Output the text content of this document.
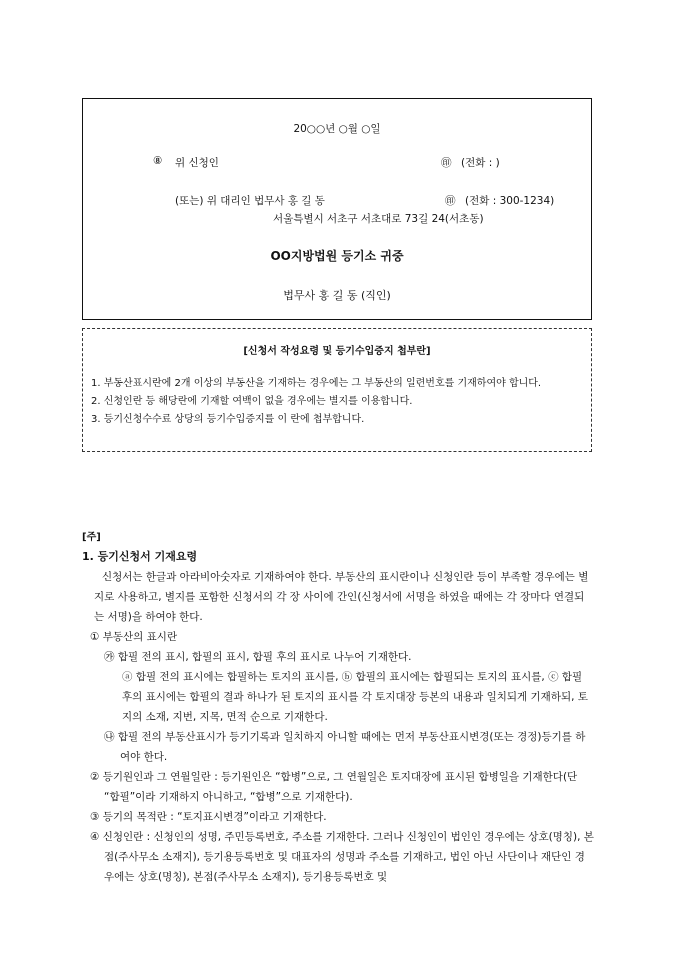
20○○년 ○월 ○일
⑧ 위 신청인	㊞ (전화 : )
(또는) 위 대리인 법무사 홍 길 동	㊞ (전화 : 300-1234)
서울특별시 서초구 서초대로 73길 24(서초동)
OO지방법원 등기소 귀중
법무사 홍 길 동 (직인)
[신청서 작성요령 및 등기수입증지 첩부란]
1. 부동산표시란에 2개 이상의 부동산을 기재하는 경우에는 그 부동산의 일련번호를 기재하여야 합니다.
2. 신청인란 등 해당란에 기재할 여백이 없을 경우에는 별지를 이용합니다.
3. 등기신청수수료 상당의 등기수입증지를 이 란에 첩부합니다.
[주]
1. 등기신청서 기재요령
신청서는 한글과 아라비아숫자로 기재하여야 한다. 부동산의 표시란이나 신청인란 등이 부족할 경우에는 별지로 사용하고, 별지를 포함한 신청서의 각 장 사이에 간인(신청서에 서명을 하였을 때에는 각 장마다 연결되는 서명)을 하여야 한다.
① 부동산의 표시란
㉮ 합필 전의 표시, 합필의 표시, 합필 후의 표시로 나누어 기재한다.
ⓐ 합필 전의 표시에는 합필하는 토지의 표시를, ⓑ 합필의 표시에는 합필되는 토지의 표시를, ⓒ 합필 후의 표시에는 합필의 결과 하나가 된 토지의 표시를 각 토지대장 등본의 내용과 일치되게 기재하되, 토지의 소재, 지번, 지목, 면적 순으로 기재한다.
㉯ 합필 전의 부동산표시가 등기기록과 일치하지 아니할 때에는 먼저 부동산표시변경(또는 경정)등기를 하여야 한다.
② 등기원인과 그 연월일란 : 등기원인은 “합병”으로, 그 연월일은 토지대장에 표시된 합병일을 기재한다(단 “합필”이라 기재하지 아니하고, “합병”으로 기재한다).
③ 등기의 목적란 : “토지표시변경”이라고 기재한다.
④ 신청인란 : 신청인의 성명, 주민등록번호, 주소를 기재한다. 그러나 신청인이 법인인 경우에는 상호(명칭), 본점(주사무소 소재지), 등기용등록번호 및 대표자의 성명과 주소를 기재하고, 법인 아닌 사단이나 재단인 경우에는 상호(명칭), 본점(주사무소 소재지), 등기용등록번호 및
